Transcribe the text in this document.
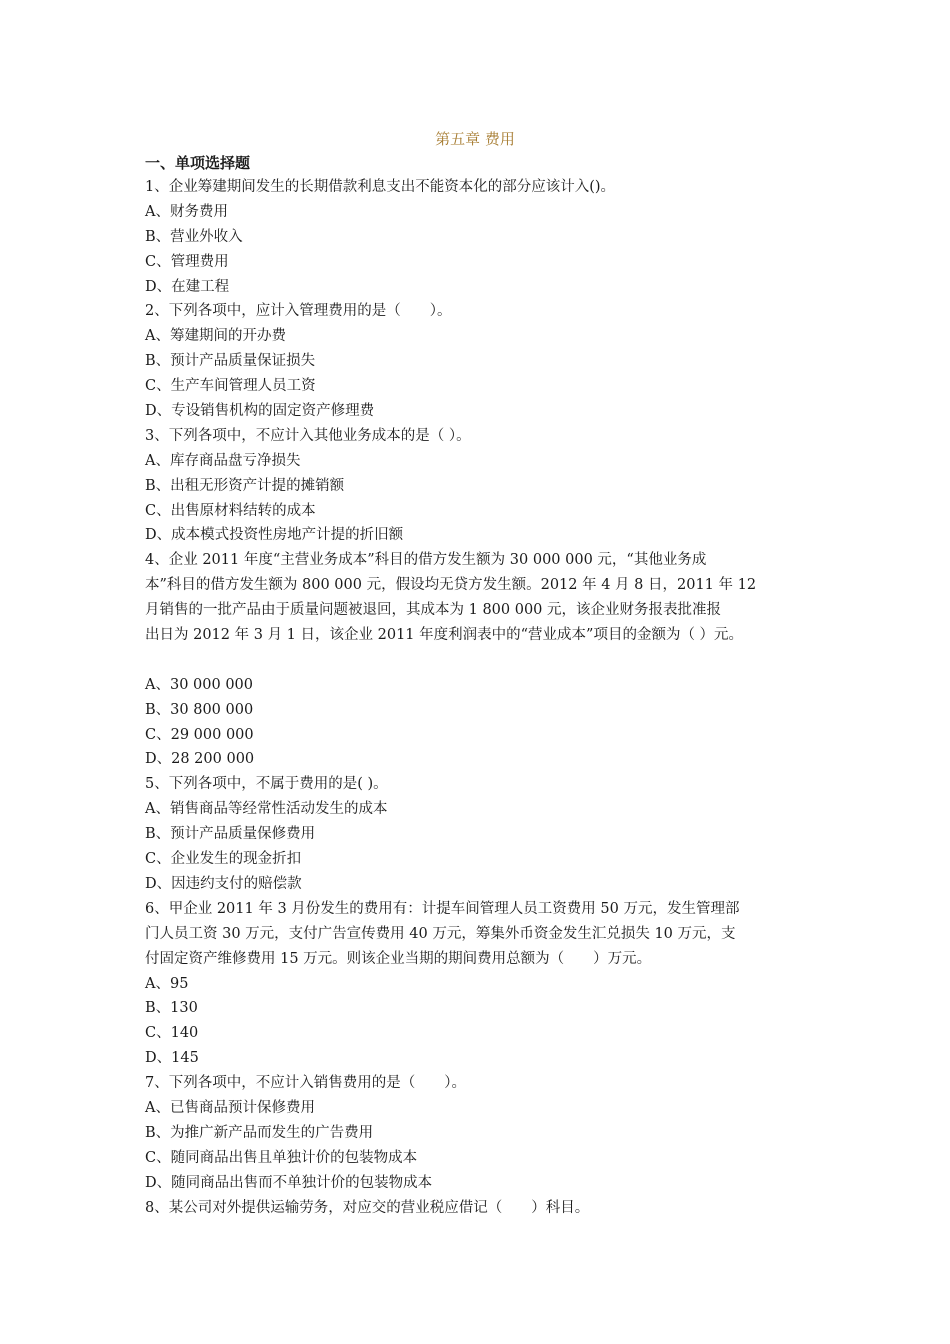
第五章 费用
一、单项选择题
1、企业筹建期间发生的长期借款利息支出不能资本化的部分应该计入()。
A、财务费用
B、营业外收入
C、管理费用
D、在建工程
2、下列各项中，应计入管理费用的是（　　）。
A、筹建期间的开办费
B、预计产品质量保证损失
C、生产车间管理人员工资
D、专设销售机构的固定资产修理费
3、下列各项中，不应计入其他业务成本的是（ ）。
A、库存商品盘亏净损失
B、出租无形资产计提的摊销额
C、出售原材料结转的成本
D、成本模式投资性房地产计提的折旧额
4、企业 2011 年度“主营业务成本”科目的借方发生额为 30 000 000 元，“其他业务成
本”科目的借方发生额为 800 000 元，假设均无贷方发生额。2012 年 4 月 8 日，2011 年 12
月销售的一批产品由于质量问题被退回，其成本为 1 800 000 元，该企业财务报表批准报
出日为 2012 年 3 月 1 日，该企业 2011 年度利润表中的“营业成本”项目的金额为（ ）元。
A、30 000 000
B、30 800 000
C、29 000 000
D、28 200 000
5、下列各项中，不属于费用的是( )。
A、销售商品等经常性活动发生的成本
B、预计产品质量保修费用
C、企业发生的现金折扣
D、因违约支付的赔偿款
6、甲企业 2011 年 3 月份发生的费用有：计提车间管理人员工资费用 50 万元，发生管理部
门人员工资 30 万元，支付广告宣传费用 40 万元，筹集外币资金发生汇兑损失 10 万元，支
付固定资产维修费用 15 万元。则该企业当期的期间费用总额为（　　）万元。
A、95
B、130
C、140
D、145
7、下列各项中，不应计入销售费用的是（　　）。
A、已售商品预计保修费用
B、为推广新产品而发生的广告费用
C、随同商品出售且单独计价的包装物成本
D、随同商品出售而不单独计价的包装物成本
8、某公司对外提供运输劳务，对应交的营业税应借记（　　）科目。
